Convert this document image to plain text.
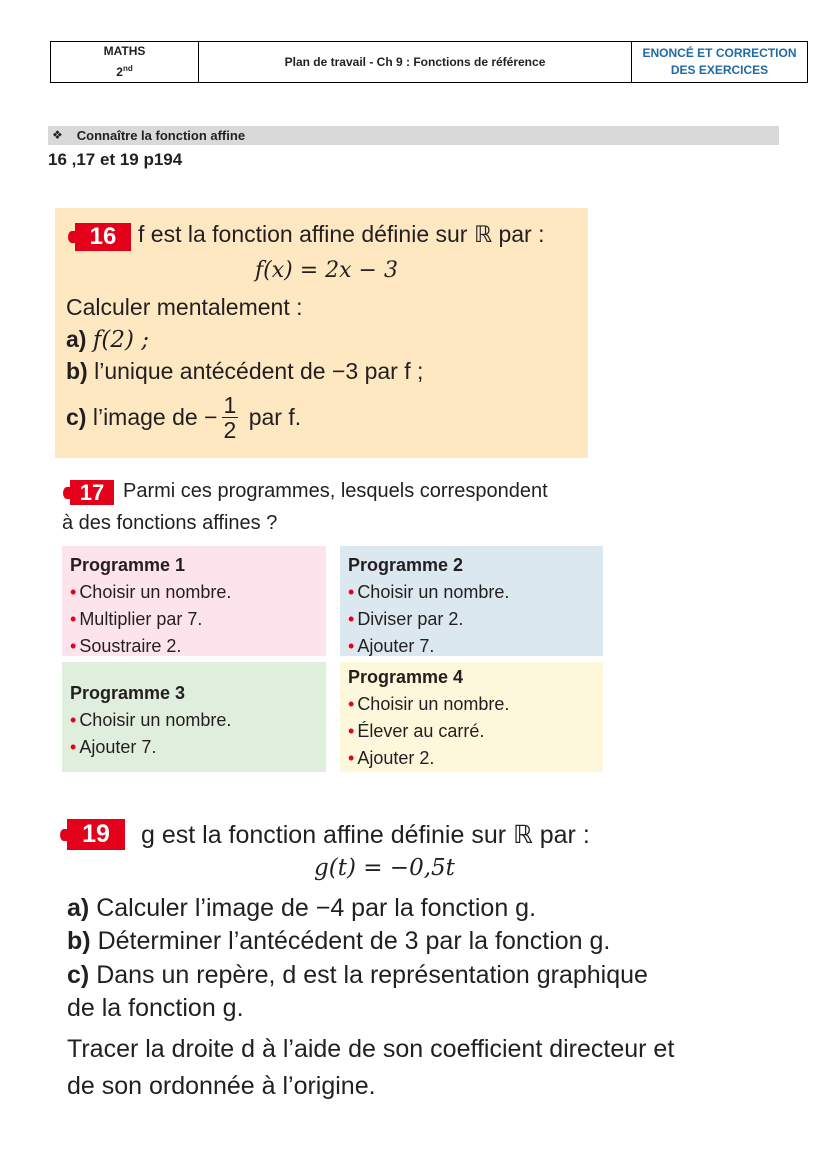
MATHS
2nd	Plan de travail - Ch 9 : Fonctions de référence
ENONCÉ ET CORRECTION
DES EXERCICES
❖ Connaître la fonction affine
16 ,17 et 19 p194
16 f est la fonction affine définie sur ℝ par :
f(x) = 2x − 3
Calculer mentalement :
a) f(2) ;
b) l’unique antécédent de −3 par f ;
c)
l’image de − $\frac{1}{2}$
par f.
17 Parmi ces programmes, lesquels correspondent
à des fonctions affines ?
Programme 1
• Choisir un nombre.
• Multiplier par 7.
• Soustraire 2.
Programme 2
• Choisir un nombre.
• Diviser par 2.
• Ajouter 7.
Programme 3
• Choisir un nombre.
• Ajouter 7.
Programme 4
• Choisir un nombre.
• Élever au carré.
• Ajouter 2.
19	g est la fonction affine définie sur ℝ par :
g(t) = −0,5t
a) Calculer l’image de −4 par la fonction g.
b) Déterminer l’antécédent de 3 par la fonction g.
c) Dans un repère, d est la représentation graphique
de la fonction g.
Tracer la droite d à l’aide de son coefficient directeur et
de son ordonnée à l’origine.
